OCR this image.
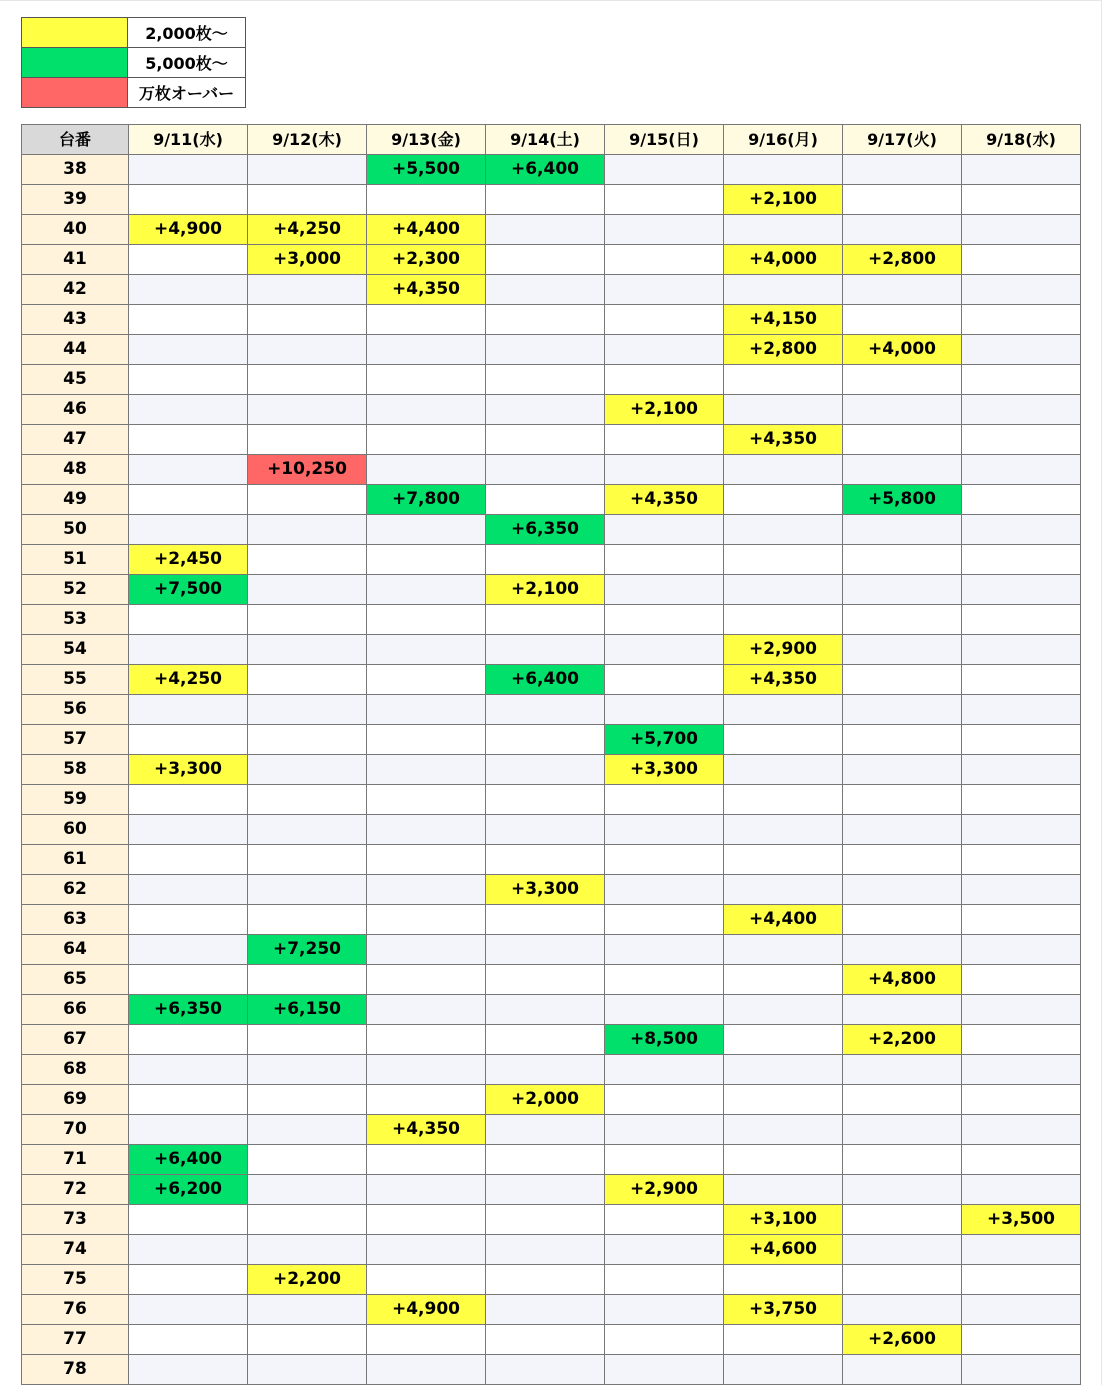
	2,000枚～
	5,000枚～
	万枚オーバー
台番	9/11(水)	9/12(木)	9/13(金)	9/14(土)	9/15(日)	9/16(月)	9/17(火)	9/18(水)
38			+5,500	+6,400				
39						+2,100		
40	+4,900	+4,250	+4,400					
41		+3,000	+2,300			+4,000	+2,800	
42			+4,350					
43						+4,150		
44						+2,800	+4,000	
45								
46					+2,100			
47						+4,350		
48		+10,250						
49			+7,800		+4,350		+5,800	
50				+6,350				
51	+2,450							
52	+7,500			+2,100				
53								
54						+2,900		
55	+4,250			+6,400		+4,350		
56								
57					+5,700			
58	+3,300				+3,300			
59								
60								
61								
62				+3,300				
63						+4,400		
64		+7,250						
65							+4,800	
66	+6,350	+6,150						
67					+8,500		+2,200	
68								
69				+2,000				
70			+4,350					
71	+6,400							
72	+6,200				+2,900			
73						+3,100		+3,500
74						+4,600		
75		+2,200						
76			+4,900			+3,750		
77							+2,600	
78								
